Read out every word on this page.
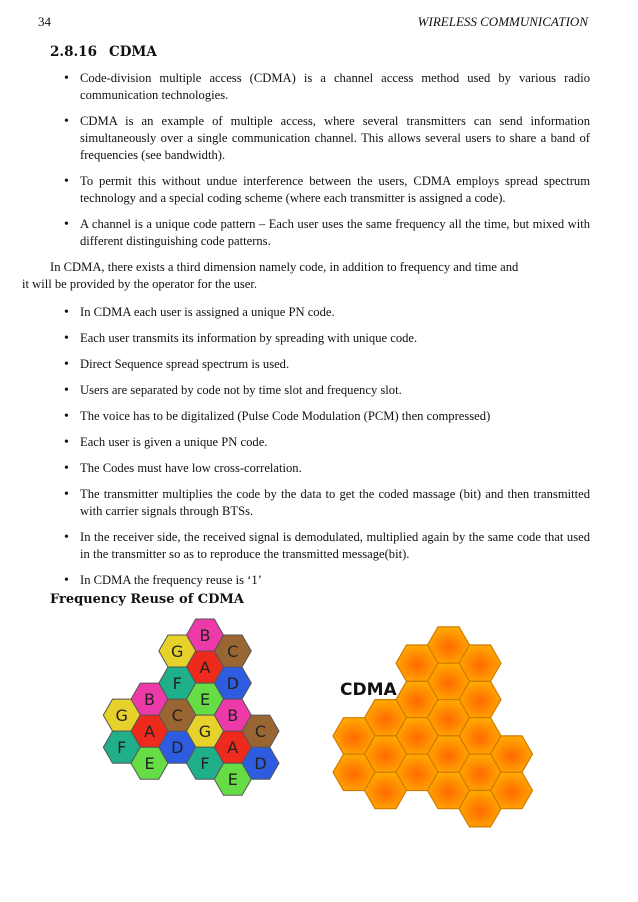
34	WIRELESS COMMUNICATION
2.8.16 CDMA
• Code-division multiple access (CDMA) is a channel access method used by various radio communication technologies.
• CDMA is an example of multiple access, where several transmitters can send information simultaneously over a single communication channel. This allows several users to share a band of frequencies (see bandwidth).
• To permit this without undue interference between the users, CDMA employs spread spectrum technology and a special coding scheme (where each transmitter is assigned a code).
• A channel is a unique code pattern – Each user uses the same frequency all the time, but mixed with different distinguishing code patterns.

In CDMA, there exists a third dimension namely code, in addition to frequency and time and
it will be provided by the operator for the user.

• In CDMA each user is assigned a unique PN code.
• Each user transmits its information by spreading with unique code.
• Direct Sequence spread spectrum is used.
• Users are separated by code not by time slot and frequency slot.
• The voice has to be digitalized (Pulse Code Modulation (PCM) then compressed)
• Each user is given a unique PN code.
• The Codes must have low cross-correlation.
• The transmitter multiplies the code by the data to get the coded massage (bit) and then transmitted with carrier signals through BTSs.
• In the receiver side, the received signal is demodulated, multiplied again by the same code that used in the transmitter so as to reproduce the transmitted message(bit).
• In CDMA the frequency reuse is ‘1’
Frequency Reuse of CDMA
B
G	C
A
F	D
B	E
G	C	B
A	G	C
F	D	A
E	F	D
E
CDMA
